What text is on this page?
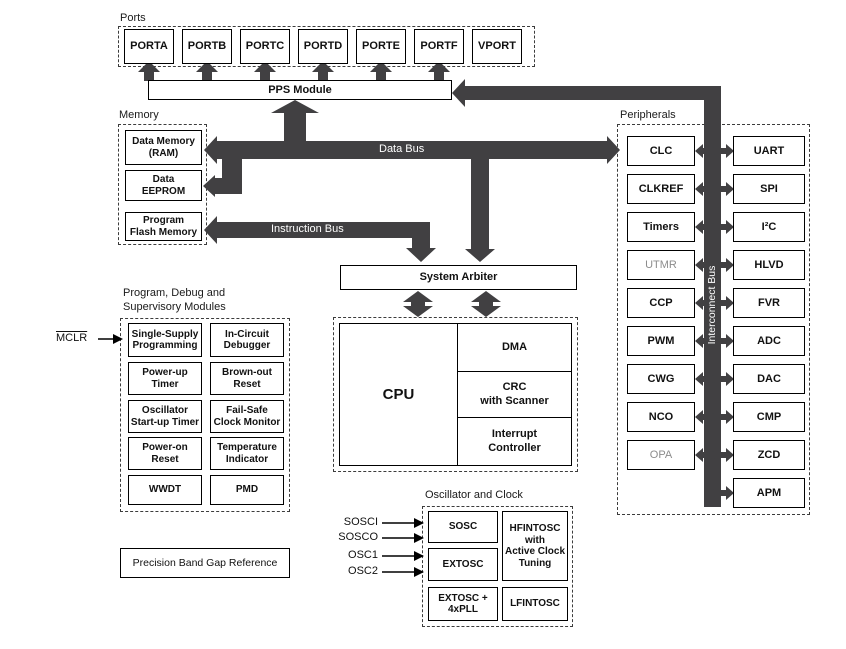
Ports
Memory	Peripherals
Program, Debug and
Supervisory Modules
Oscillator and Clock
Data Bus
Instruction Bus
Interconnect Bus
PORTA	PORTB	PORTC	PORTD	PORTE	PORTF	VPORT
PPS Module
Data Memory
(RAM)
Data
EEPROM
Program
Flash Memory
System Arbiter
CPU
DMA
CRC
with Scanner
Interrupt
Controller
CLC
CLKREF
Timers
UTMR
CCP
PWM
CWG
NCO
OPA
UART
SPI
I²C
HLVD
FVR
ADC
DAC
CMP
ZCD
APM
MCLR	Single-Supply
Programming
Power-up
Timer
Oscillator
Start-up Timer
Power-on
Reset
WWDT
In-Circuit
Debugger
Brown-out
Reset
Fail-Safe
Clock Monitor
Temperature
Indicator
PMD
SOSCI
SOSCO
OSC1
OSC2
SOSC
EXTOSC
EXTOSC +
4xPLL
HFINTOSC
with
Active Clock
Tuning
LFINTOSC
Precision Band Gap Reference
